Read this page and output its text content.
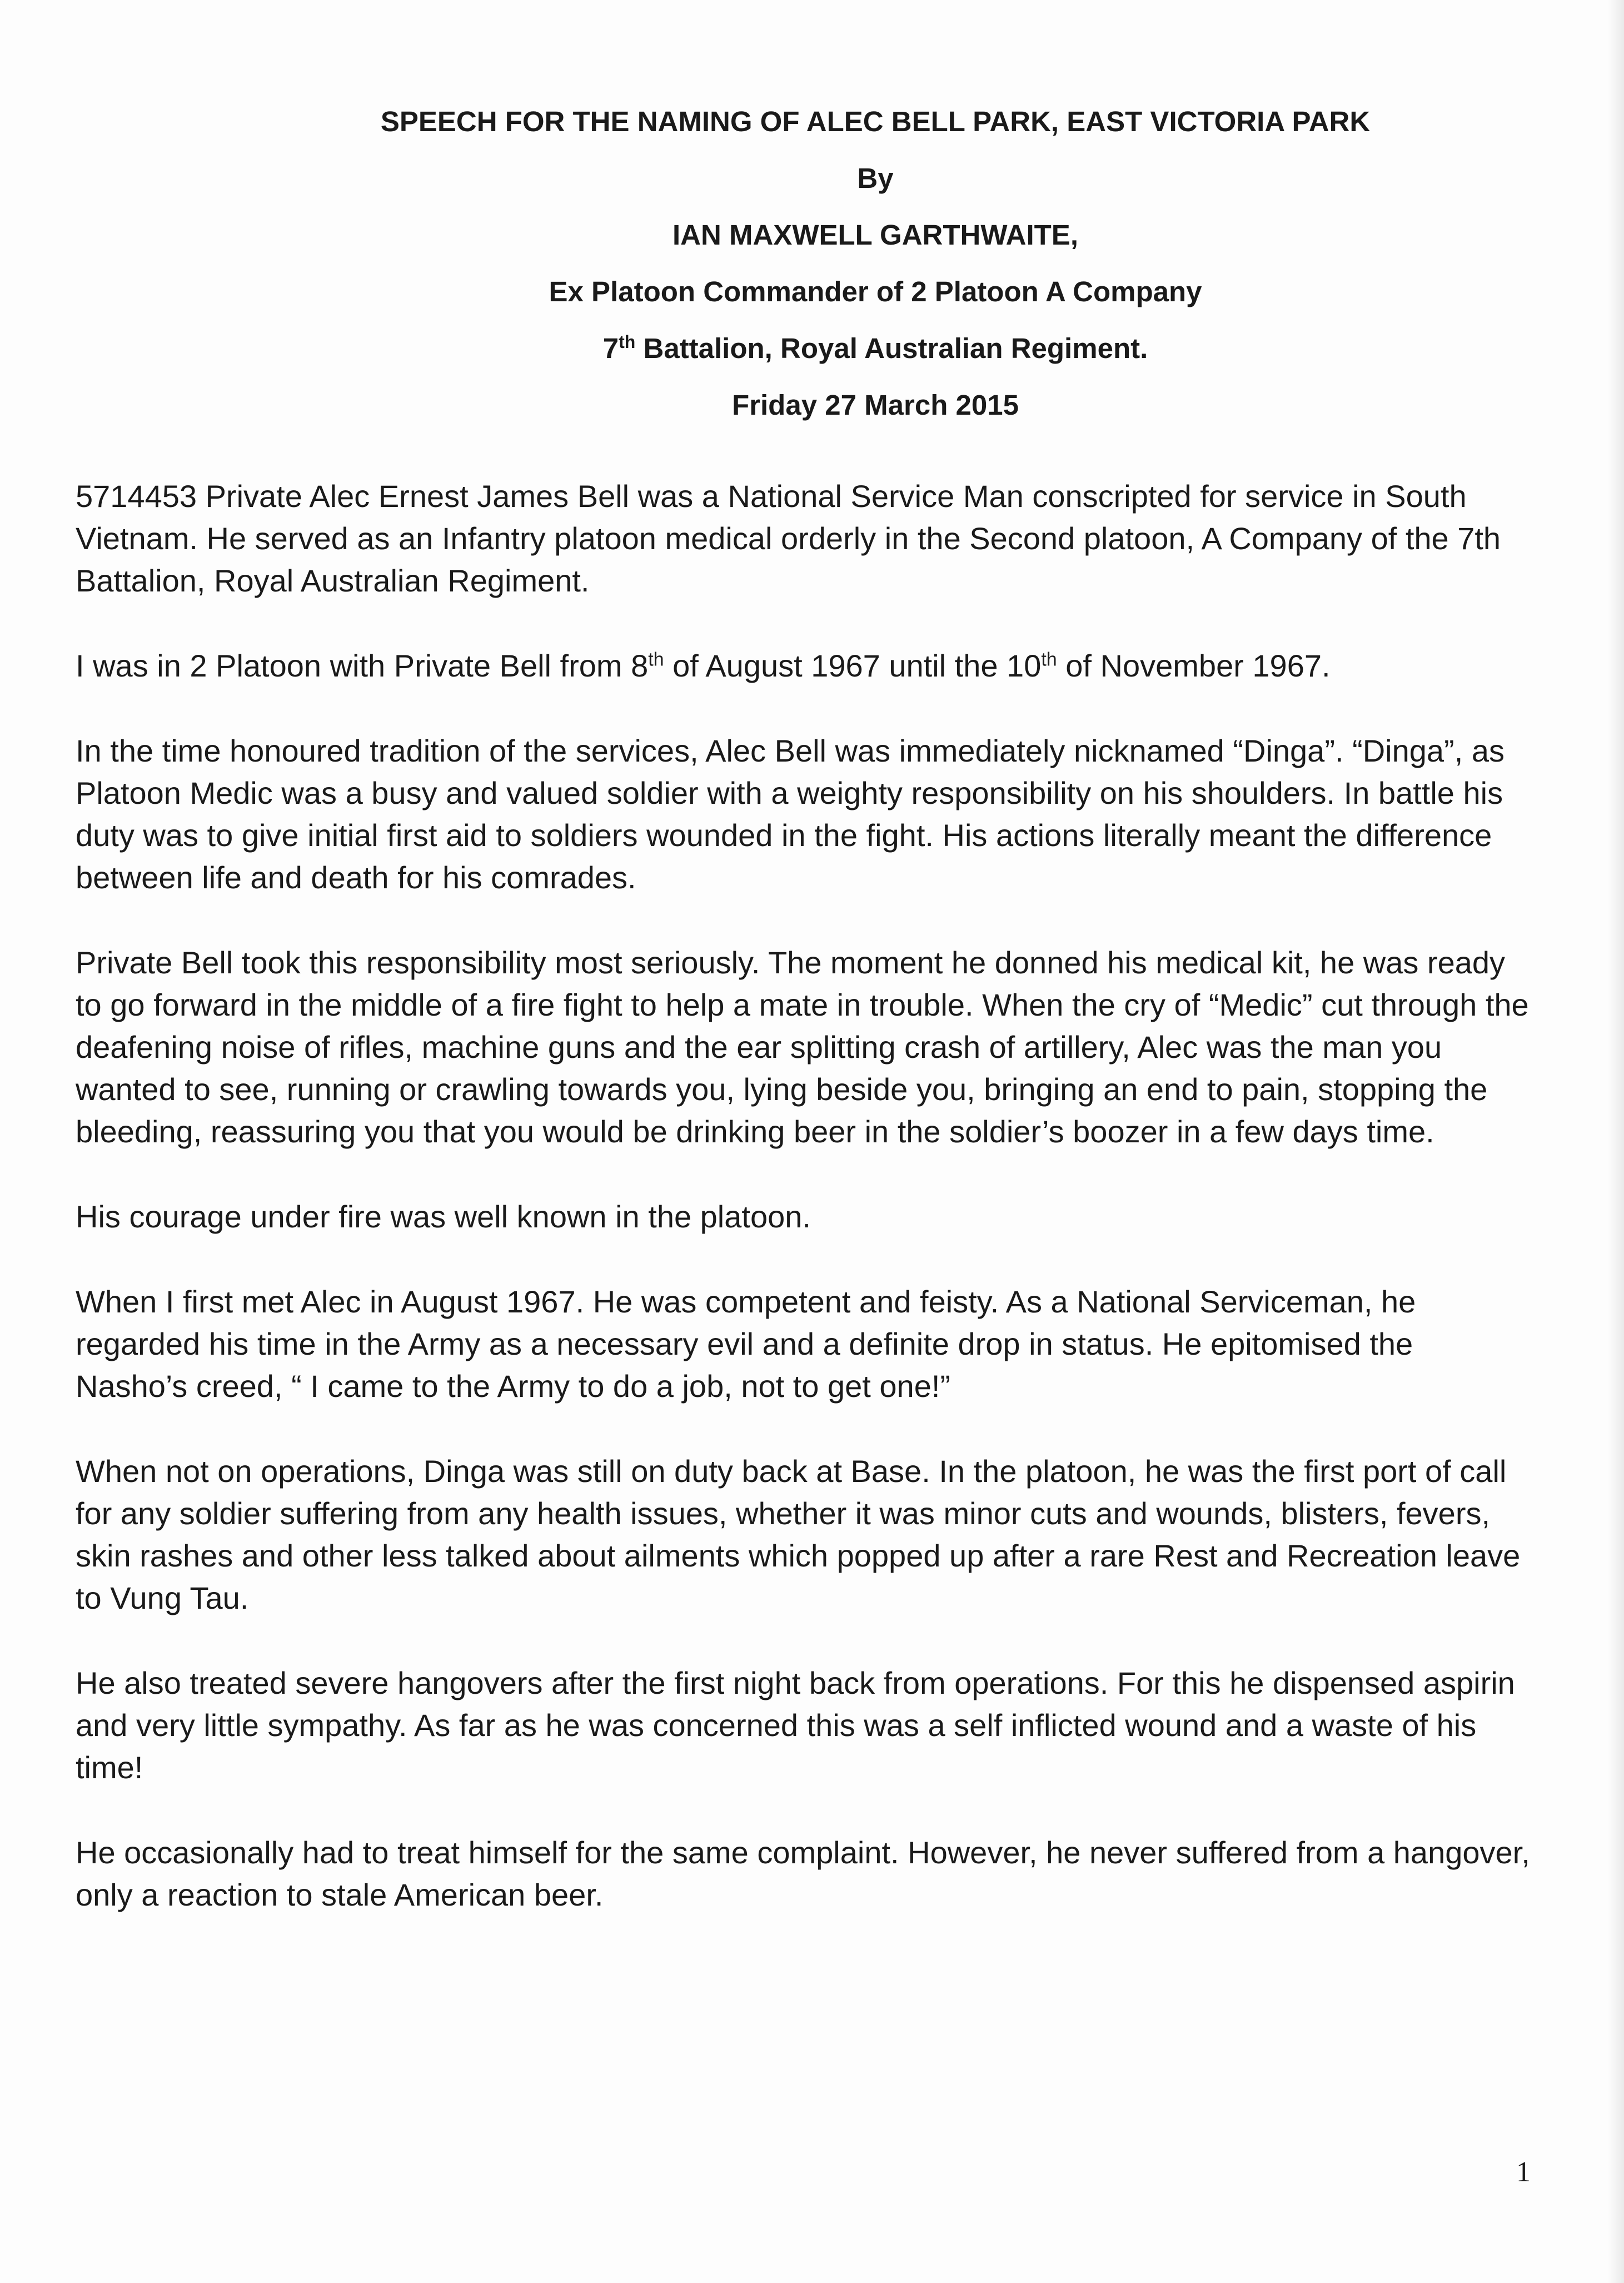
SPEECH FOR THE NAMING OF ALEC BELL PARK, EAST VICTORIA PARK
By
IAN MAXWELL GARTHWAITE,
Ex Platoon Commander of 2 Platoon A Company
7th Battalion, Royal Australian Regiment.
Friday 27 March 2015

5714453 Private Alec Ernest James Bell was a National Service Man conscripted for service in South Vietnam. He served as an Infantry platoon medical orderly in the Second platoon, A Company of the 7th Battalion, Royal Australian Regiment.

I was in 2 Platoon with Private Bell from 8th of August 1967 until the 10th of November 1967.

In the time honoured tradition of the services, Alec Bell was immediately nicknamed “Dinga”. “Dinga”, as Platoon Medic was a busy and valued soldier with a weighty responsibility on his shoulders. In battle his duty was to give initial first aid to soldiers wounded in the fight. His actions literally meant the difference between life and death for his comrades.

Private Bell took this responsibility most seriously. The moment he donned his medical kit, he was ready to go forward in the middle of a fire fight to help a mate in trouble. When the cry of “Medic” cut through the deafening noise of rifles, machine guns and the ear splitting crash of artillery, Alec was the man you wanted to see, running or crawling towards you, lying beside you, bringing an end to pain, stopping the bleeding, reassuring you that you would be drinking beer in the soldier’s boozer in a few days time.

His courage under fire was well known in the platoon.

When I first met Alec in August 1967. He was competent and feisty. As a National Serviceman, he regarded his time in the Army as a necessary evil and a definite drop in status. He epitomised the Nasho’s creed, “ I came to the Army to do a job, not to get one!”

When not on operations, Dinga was still on duty back at Base. In the platoon, he was the first port of call for any soldier suffering from any health issues, whether it was minor cuts and wounds, blisters, fevers, skin rashes and other less talked about ailments which popped up after a rare Rest and Recreation leave to Vung Tau.

He also treated severe hangovers after the first night back from operations. For this he dispensed aspirin and very little sympathy. As far as he was concerned this was a self inflicted wound and a waste of his time!

He occasionally had to treat himself for the same complaint. However, he never suffered from a hangover, only a reaction to stale American beer.

1
